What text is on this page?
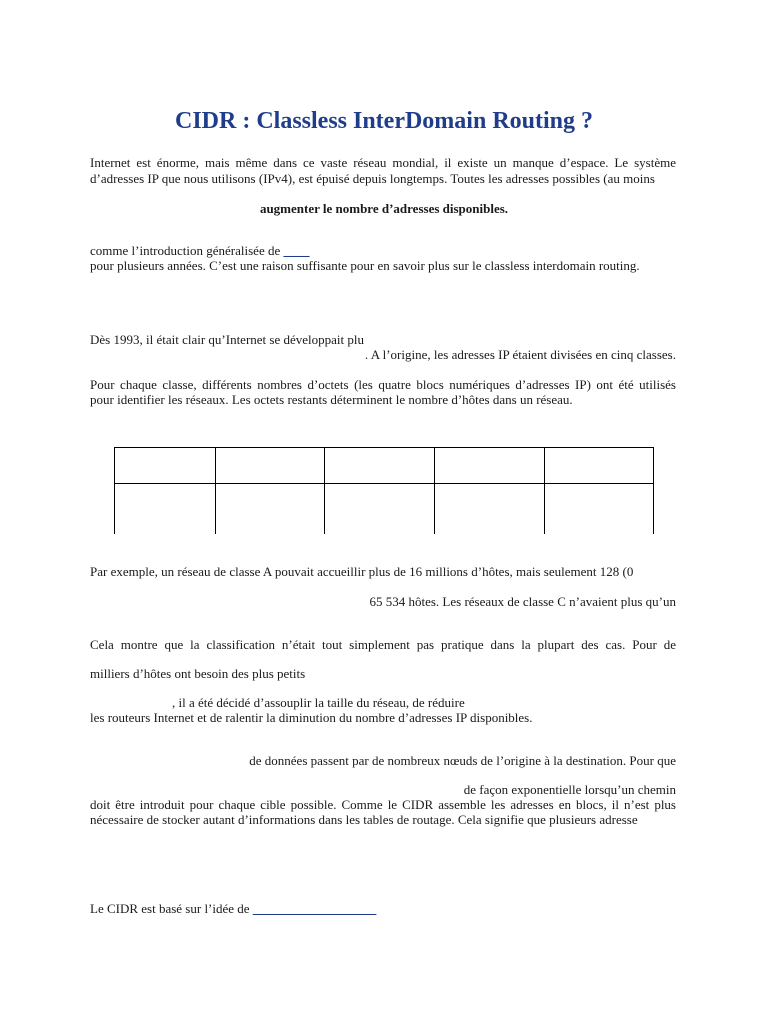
CIDR : Classless InterDomain Routing ?

Internet est énorme, mais même dans ce vaste réseau mondial, il existe un manque d’espace. Le système

d’adresses IP que nous utilisons (IPv4), est épuisé depuis longtemps. Toutes les adresses possibles (au moins

augmenter le nombre d’adresses disponibles.

comme l’introduction généralisée de ____

pour plusieurs années. C’est une raison suffisante pour en savoir plus sur le classless interdomain routing.

Dès 1993, il était clair qu’Internet se développait plu

. A l’origine, les adresses IP étaient divisées en cinq classes.

Pour chaque classe, différents nombres d’octets (les quatre blocs numériques d’adresses IP) ont été utilisés

pour identifier les réseaux. Les octets restants déterminent le nombre d’hôtes dans un réseau.

Par exemple, un réseau de classe A pouvait accueillir plus de 16 millions d’hôtes, mais seulement 128 (0

65 534 hôtes. Les réseaux de classe C n’avaient plus qu’un

Cela montre que la classification n’était tout simplement pas pratique dans la plupart des cas. Pour de

milliers d’hôtes ont besoin des plus petits

, il a été décidé d’assouplir la taille du réseau, de réduire

les routeurs Internet et de ralentir la diminution du nombre d’adresses IP disponibles.

de données passent par de nombreux nœuds de l’origine à la destination. Pour que

de façon exponentielle lorsqu’un chemin

doit être introduit pour chaque cible possible. Comme le CIDR assemble les adresses en blocs, il n’est plus

nécessaire de stocker autant d’informations dans les tables de routage. Cela signifie que plusieurs adresse

Le CIDR est basé sur l’idée de ___________________
